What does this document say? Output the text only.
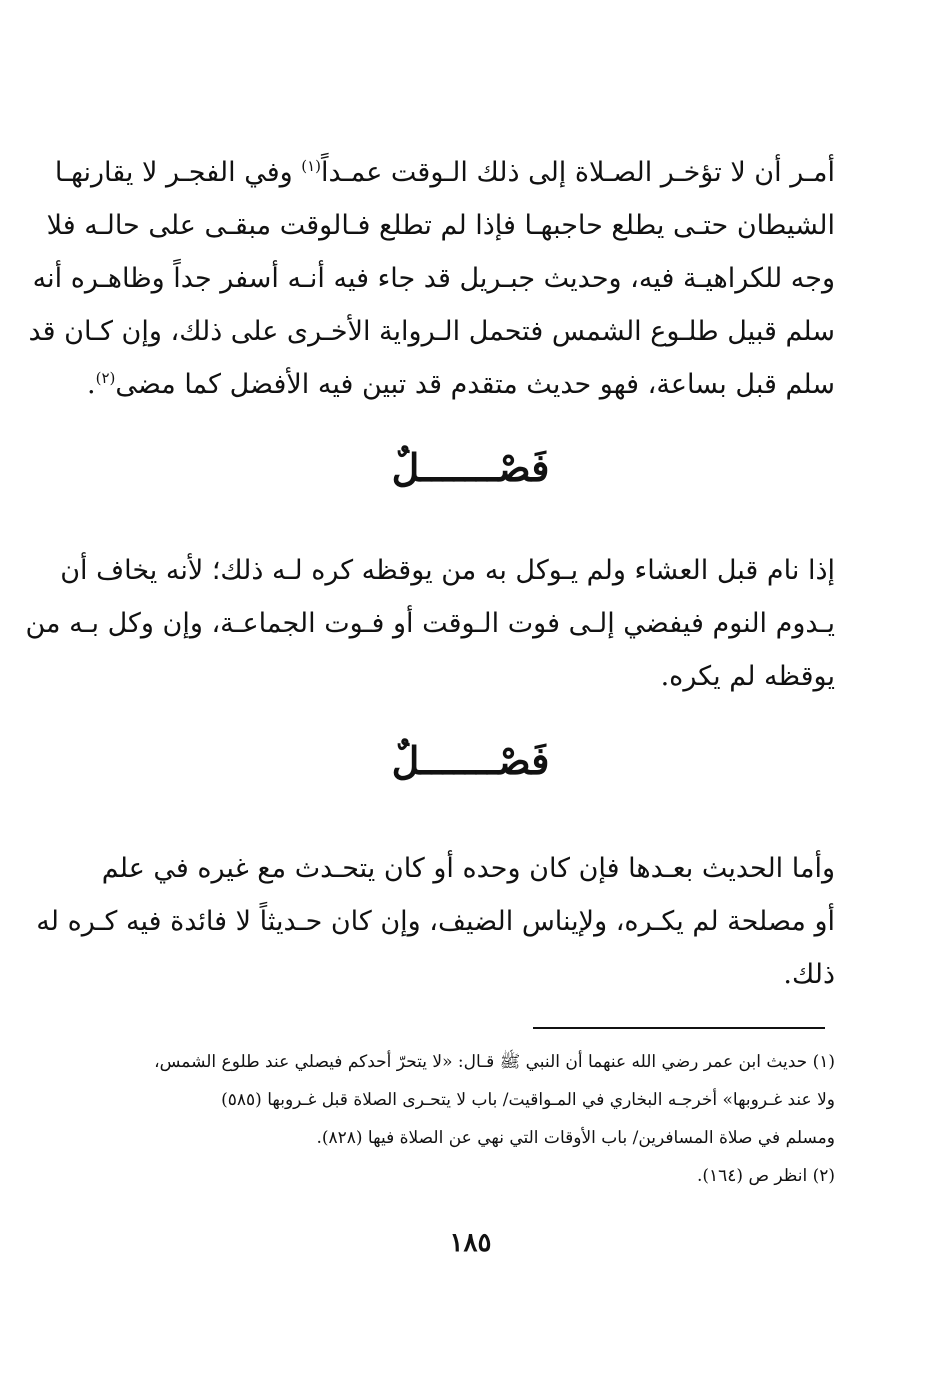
أمـر أن لا تؤخـر الصـلاة إلى ذلك الـوقت عمـداً$^{(١)}$ وفي الفجـر لا يقارنهـا
الشيطان حتـى يطلع حاجبهـا فإذا لم تطلع فـالوقت مبقـى على حالـه فلا
وجه للكراهيـة فيه، وحديث جبـريل قد جاء فيه أنـه أسفر جداً وظاهـره أنه
سلم قبيل طلـوع الشمس فتحمل الـرواية الأخـرى على ذلك، وإن كـان قد
سلم قبل بساعة، فهو حديث متقدم قد تبين فيه الأفضل كما مضى$^{(٢)}$.
فَصْـــــــلٌ
إذا نام قبل العشاء ولم يـوكل به من يوقظه كره لـه ذلك؛ لأنه يخاف أن
يـدوم النوم فيفضي إلـى فوت الـوقت أو فـوت الجماعـة، وإن وكل بـه من
يوقظه لم يكره.
فَصْـــــــلٌ
وأما الحديث بعـدها فإن كان وحده أو كان يتحـدث مع غيره في علم
أو مصلحة لم يكـره، ولإيناس الضيف، وإن كان حـديثاً لا فائدة فيه كـره له
ذلك.
(١) حديث ابن عمر رضي الله عنهما أن النبي ﷺ قـال: «لا يتحرّ أحدكم فيصلي عند طلوع الشمس،
ولا عند غـروبها» أخرجـه البخاري في المـواقيت/ باب لا يتحـرى الصلاة قبل غـروبها (٥٨٥)
ومسلم في صلاة المسافرين/ باب الأوقات التي نهي عن الصلاة فيها (٨٢٨).
(٢) انظر ص (١٦٤).
١٨٥
